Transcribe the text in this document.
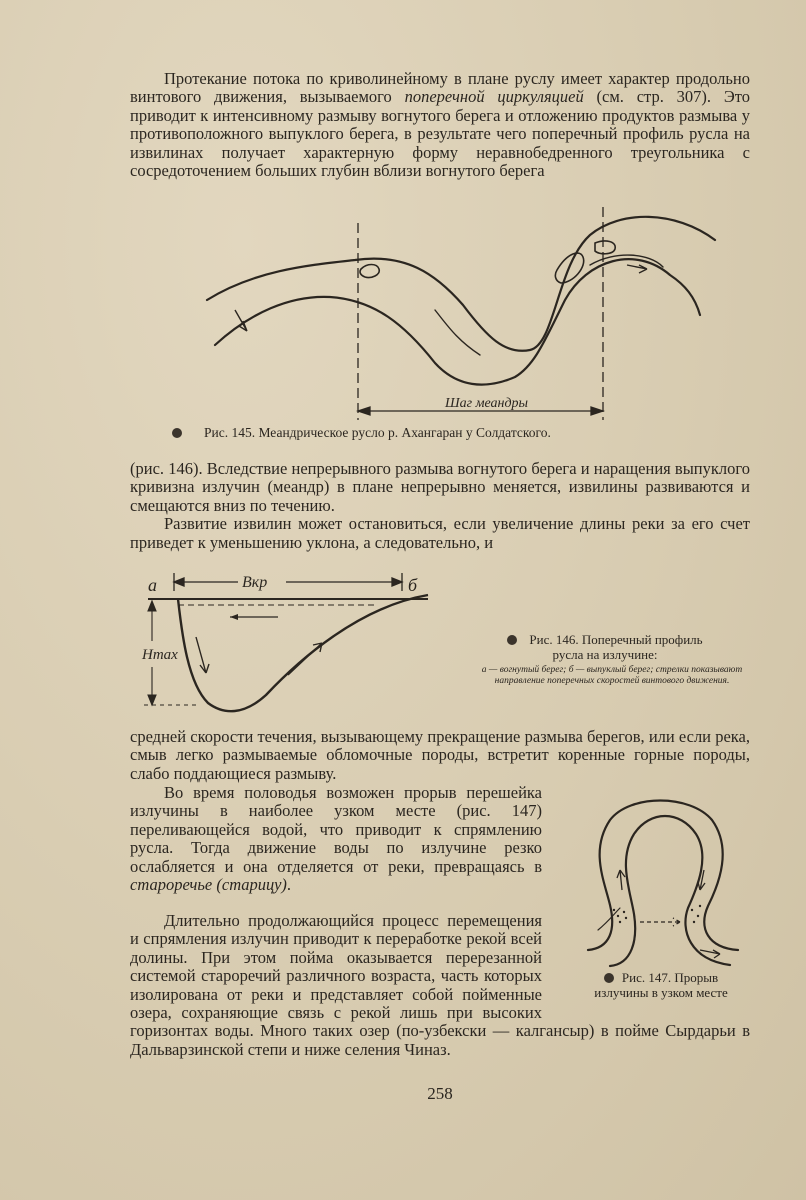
Протекание потока по криволинейному в плане руслу имеет характер продольно винтового движения, вызываемого поперечной циркуляцией (см. стр. 307). Это приводит к интенсивному размыву вогнутого берега и отложению продуктов размыва у противоположного выпуклого берега, в результате чего поперечный профиль русла на извилинах получает характерную форму неравнобедренного треугольника с сосредоточением больших глубин вблизи вогнутого берега

Шаг меандры
Рис. 145. Меандрическое русло р. Ахангаран у Солдатского.

(рис. 146). Вследствие непрерывного размыва вогнутого берега и наращения выпуклого кривизна излучин (меандр) в плане непрерывно меняется, извилины развиваются и смещаются вниз по течению.

Развитие извилин может остановиться, если увеличение длины реки за его счет приведет к уменьшению уклона, а следовательно, и

а	б
Вкр
Hmax
Рис. 146. Поперечный профиль
русла на излучине:
а — вогнутый берег; б — выпуклый берег; стрелки показывают направление поперечных скоростей винтового движения.

средней скорости течения, вызывающему прекращение размыва берегов, или если река, смыв легко размываемые обломочные породы, встретит коренные горные породы, слабо поддающиеся размыву.

Во время половодья возможен прорыв перешейка излучины в наиболее узком месте (рис. 147) переливающейся водой, что приводит к спрямлению русла. Тогда движение воды по излучине резко ослабляется и она отделяется от реки, превращаясь в староречье (старицу).

Рис. 147. Прорыв
излучины в узком месте

Длительно продолжающийся процесс перемещения и спрямления излучин приводит к переработке рекой всей долины. При этом пойма оказывается перерезанной системой староречий различного возраста, часть которых изолирована от реки и представляет собой пойменные озера, сохраняющие связь с рекой лишь при высоких горизонтах воды. Много таких озер (по-узбекски — калгансыр) в пойме Сырдарьи в Дальварзинской степи и ниже селения Чиназ.

258
